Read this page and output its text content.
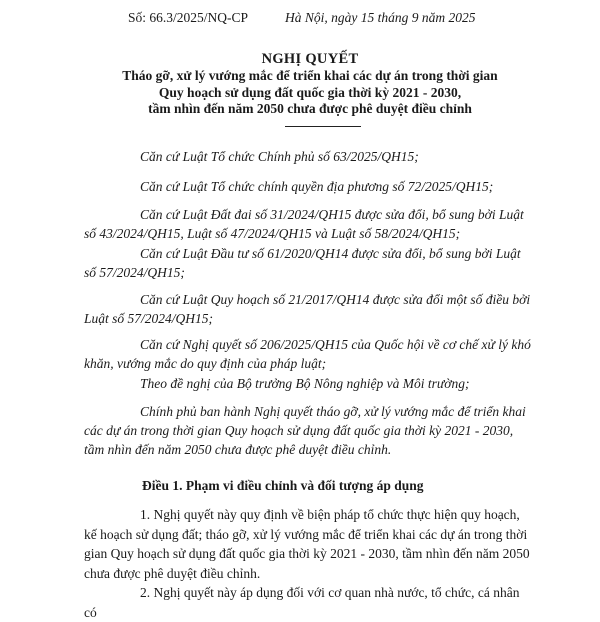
Số: 66.3/2025/NQ-CP	Hà Nội, ngày 15 tháng 9 năm 2025
NGHỊ QUYẾT
Tháo gỡ, xử lý vướng mắc để triển khai các dự án trong thời gian
Quy hoạch sử dụng đất quốc gia thời kỳ 2021 - 2030,
tầm nhìn đến năm 2050 chưa được phê duyệt điều chỉnh

Căn cứ Luật Tổ chức Chính phủ số 63/2025/QH15;

Căn cứ Luật Tổ chức chính quyền địa phương số 72/2025/QH15;

Căn cứ Luật Đất đai số 31/2024/QH15 được sửa đổi, bổ sung bởi Luật số 43/2024/QH15, Luật số 47/2024/QH15 và Luật số 58/2024/QH15;

Căn cứ Luật Đầu tư số 61/2020/QH14 được sửa đổi, bổ sung bởi Luật số 57/2024/QH15;

Căn cứ Luật Quy hoạch số 21/2017/QH14 được sửa đổi một số điều bởi Luật số 57/2024/QH15;

Căn cứ Nghị quyết số 206/2025/QH15 của Quốc hội về cơ chế xử lý khó khăn, vướng mắc do quy định của pháp luật;

Theo đề nghị của Bộ trưởng Bộ Nông nghiệp và Môi trường;

Chính phủ ban hành Nghị quyết tháo gỡ, xử lý vướng mắc để triển khai các dự án trong thời gian Quy hoạch sử dụng đất quốc gia thời kỳ 2021 - 2030, tầm nhìn đến năm 2050 chưa được phê duyệt điều chỉnh.

Điều 1. Phạm vi điều chỉnh và đối tượng áp dụng

1. Nghị quyết này quy định về biện pháp tổ chức thực hiện quy hoạch, kế hoạch sử dụng đất; tháo gỡ, xử lý vướng mắc để triển khai các dự án trong thời gian Quy hoạch sử dụng đất quốc gia thời kỳ 2021 - 2030, tầm nhìn đến năm 2050 chưa được phê duyệt điều chỉnh.

2. Nghị quyết này áp dụng đối với cơ quan nhà nước, tổ chức, cá nhân có
